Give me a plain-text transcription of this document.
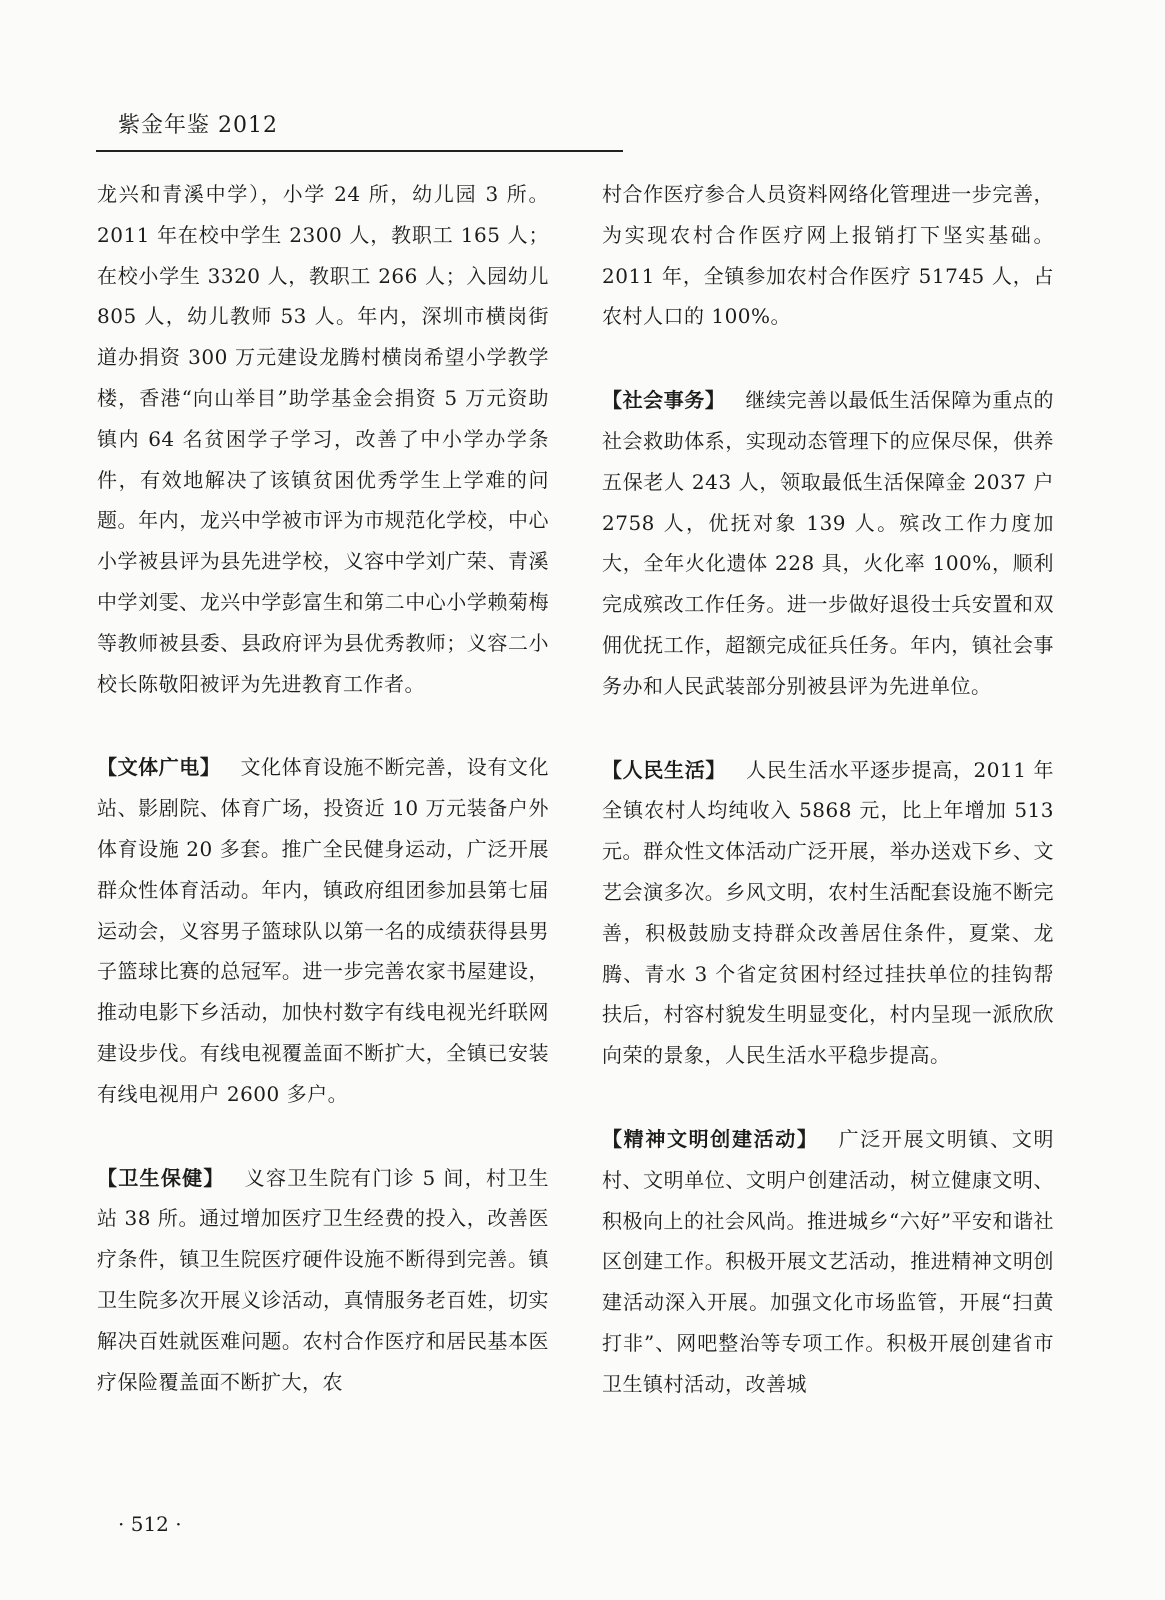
紫金年鉴 2012

龙兴和青溪中学），小学 24 所，幼儿园 3 所。2011 年在校中学生 2300 人，教职工 165 人；在校小学生 3320 人，教职工 266 人；入园幼儿 805 人，幼儿教师 53 人。年内，深圳市横岗街道办捐资 300 万元建设龙腾村横岗希望小学教学楼，香港“向山举目”助学基金会捐资 5 万元资助镇内 64 名贫困学子学习，改善了中小学办学条件，有效地解决了该镇贫困优秀学生上学难的问题。年内，龙兴中学被市评为市规范化学校，中心小学被县评为县先进学校，义容中学刘广荣、青溪中学刘雯、龙兴中学彭富生和第二中心小学赖菊梅等教师被县委、县政府评为县优秀教师；义容二小校长陈敬阳被评为先进教育工作者。

【文体广电】 文化体育设施不断完善，设有文化站、影剧院、体育广场，投资近 10 万元装备户外体育设施 20 多套。推广全民健身运动，广泛开展群众性体育活动。年内，镇政府组团参加县第七届运动会，义容男子篮球队以第一名的成绩获得县男子篮球比赛的总冠军。进一步完善农家书屋建设，推动电影下乡活动，加快村数字有线电视光纤联网建设步伐。有线电视覆盖面不断扩大，全镇已安装有线电视用户 2600 多户。

【卫生保健】 义容卫生院有门诊 5 间，村卫生站 38 所。通过增加医疗卫生经费的投入，改善医疗条件，镇卫生院医疗硬件设施不断得到完善。镇卫生院多次开展义诊活动，真情服务老百姓，切实解决百姓就医难问题。农村合作医疗和居民基本医疗保险覆盖面不断扩大，农

村合作医疗参合人员资料网络化管理进一步完善，为实现农村合作医疗网上报销打下坚实基础。2011 年，全镇参加农村合作医疗 51745 人，占农村人口的 100%。

【社会事务】 继续完善以最低生活保障为重点的社会救助体系，实现动态管理下的应保尽保，供养五保老人 243 人，领取最低生活保障金 2037 户 2758 人，优抚对象 139 人。殡改工作力度加大，全年火化遗体 228 具，火化率 100%，顺利完成殡改工作任务。进一步做好退役士兵安置和双佣优抚工作，超额完成征兵任务。年内，镇社会事务办和人民武装部分别被县评为先进单位。

【人民生活】 人民生活水平逐步提高，2011 年全镇农村人均纯收入 5868 元，比上年增加 513 元。群众性文体活动广泛开展，举办送戏下乡、文艺会演多次。乡风文明，农村生活配套设施不断完善，积极鼓励支持群众改善居住条件，夏棠、龙腾、青水 3 个省定贫困村经过挂扶单位的挂钩帮扶后，村容村貌发生明显变化，村内呈现一派欣欣向荣的景象，人民生活水平稳步提高。

【精神文明创建活动】 广泛开展文明镇、文明村、文明单位、文明户创建活动，树立健康文明、积极向上的社会风尚。推进城乡“六好”平安和谐社区创建工作。积极开展文艺活动，推进精神文明创建活动深入开展。加强文化市场监管，开展“扫黄打非”、网吧整治等专项工作。积极开展创建省市卫生镇村活动，改善城

· 512 ·
